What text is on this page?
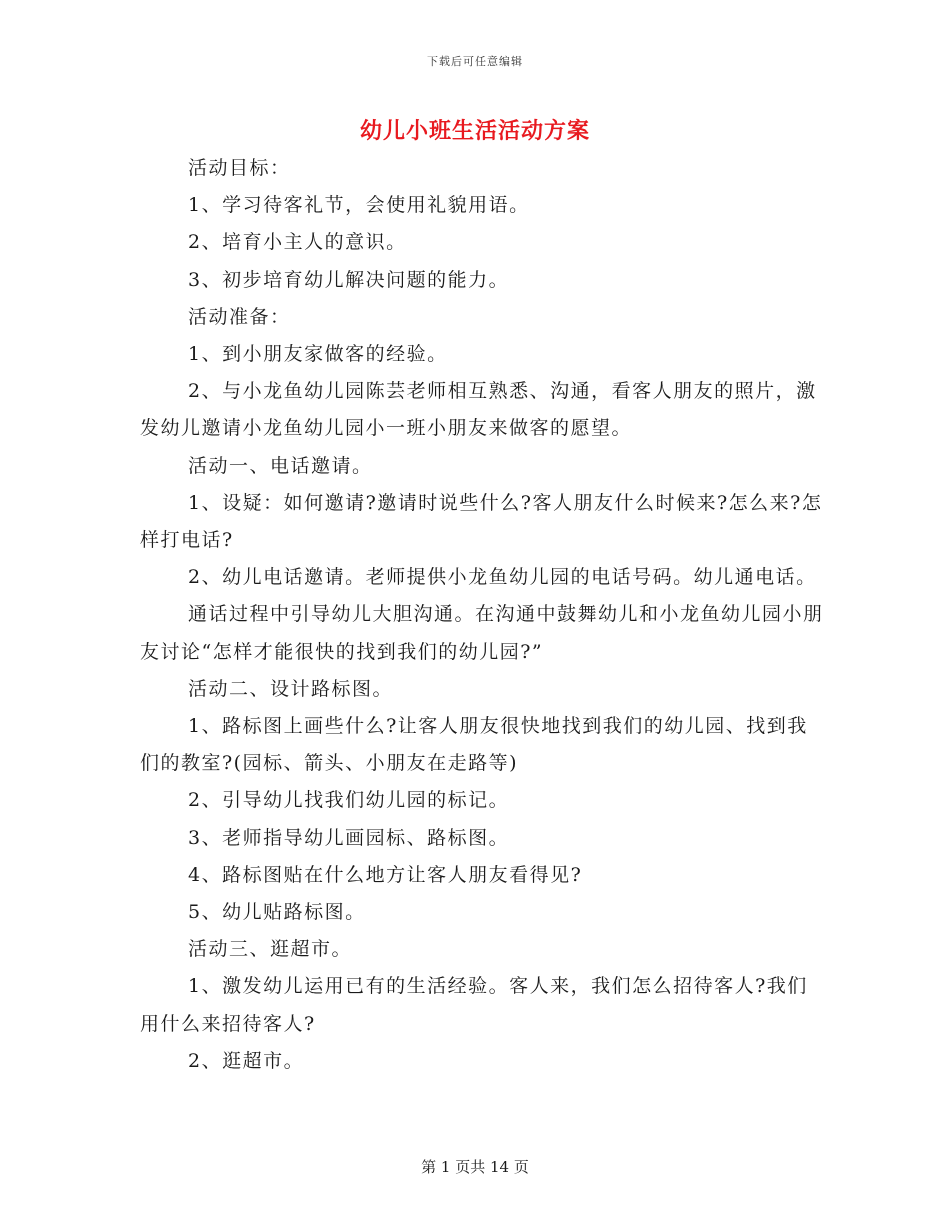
下载后可任意编辑
幼儿小班生活活动方案

活动目标：

1、学习待客礼节，会使用礼貌用语。

2、培育小主人的意识。

3、初步培育幼儿解决问题的能力。

活动准备：

1、到小朋友家做客的经验。

2、与小龙鱼幼儿园陈芸老师相互熟悉、沟通，看客人朋友的照片，激发幼儿邀请小龙鱼幼儿园小一班小朋友来做客的愿望。

活动一、电话邀请。

1、设疑：如何邀请?邀请时说些什么?客人朋友什么时候来?怎么来?怎样打电话?

2、幼儿电话邀请。老师提供小龙鱼幼儿园的电话号码。幼儿通电话。

通话过程中引导幼儿大胆沟通。在沟通中鼓舞幼儿和小龙鱼幼儿园小朋友讨论“怎样才能很快的找到我们的幼儿园?”

活动二、设计路标图。

1、路标图上画些什么?让客人朋友很快地找到我们的幼儿园、找到我们的教室?(园标、箭头、小朋友在走路等)

2、引导幼儿找我们幼儿园的标记。

3、老师指导幼儿画园标、路标图。

4、路标图贴在什么地方让客人朋友看得见?

5、幼儿贴路标图。

活动三、逛超市。

1、激发幼儿运用已有的生活经验。客人来，我们怎么招待客人?我们用什么来招待客人?

2、逛超市。

第 1 页共 14 页
